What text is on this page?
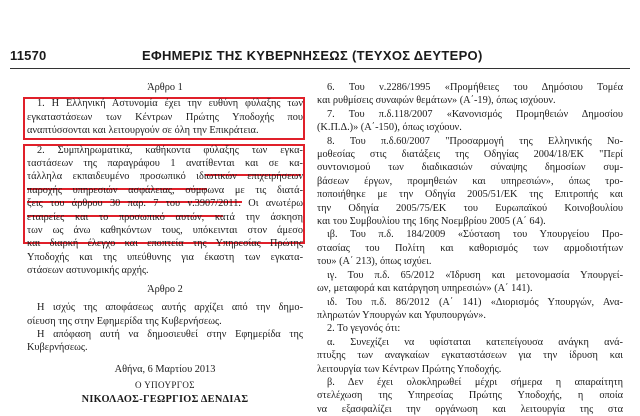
11570	ΕΦΗΜΕΡΙΣ ΤΗΣ ΚΥΒΕΡΝΗΣΕΩΣ (ΤΕΥΧΟΣ ΔΕΥΤΕΡΟ)
Άρθρο 1
1. Η Ελληνική Αστυνομία έχει την ευθύνη φύλαξης των
εγκαταστάσεων των Κέντρων Πρώτης Υποδοχής που
αναπτύσσονται και λειτουργούν σε όλη την Επικράτεια.
2. Συμπληρωματικά, καθήκοντα φύλαξης των εγκα-
ταστάσεων της παραγράφου 1 ανατίθενται και σε κα-
τάλληλα εκπαιδευμένο προσωπικό ιδιωτικών επιχειρήσεων
παροχής υπηρεσιών ασφάλειας, σύμφωνα με τις διατά-
ξεις του άρθρου 30 παρ. 7 του ν.3907/2011. Οι ανωτέρω
εταιρείες και το προσωπικό αυτών, κατά την άσκηση
των ως άνω καθηκόντων τους, υπόκεινται στον άμεσο
και διαρκή έλεγχο και εποπτεία της Υπηρεσίας Πρώτης
Υποδοχής και της υπεύθυνης για έκαστη των εγκατα-
στάσεων αστυνομικής αρχής.
Άρθρο 2
Η ισχύς της αποφάσεως αυτής αρχίζει από την δημο-
σίευση της στην Εφημερίδα της Κυβερνήσεως.
Η απόφαση αυτή να δημοσιευθεί στην Εφημερίδα της
Κυβερνήσεως.
Αθήνα, 6 Μαρτίου 2013
Ο ΥΠΟΥΡΓΟΣ
ΝΙΚΟΛΑΟΣ-ΓΕΩΡΓΙΟΣ ΔΕΝΔΙΑΣ
6. Του ν.2286/1995 «Προμήθειες του Δημόσιου Τομέα
και ρυθμίσεις συναφών θεμάτων» (Α΄-19), όπως ισχύουν.
7. Του π.δ.118/2007 «Κανονισμός Προμηθειών Δημοσίου
(Κ.Π.Δ.)» (Α΄-150), όπως ισχύουν.
8. Του π.δ.60/2007 "Προσαρμογή της Ελληνικής Νο-
μοθεσίας στις διατάξεις της Οδηγίας 2004/18/ΕΚ "Περί
συντονισμού των διαδικασιών σύναψης δημοσίων συμ-
βάσεων έργων, προμηθειών και υπηρεσιών», όπως τρο-
ποποιήθηκε με την Οδηγία 2005/51/ΕΚ της Επιτροπής και
την Οδηγία 2005/75/ΕΚ του Ευρωπαϊκού Κοινοβουλίου
και του Συμβουλίου της 16ης Νοεμβρίου 2005 (Α΄ 64).
ιβ. Του π.δ. 184/2009 «Σύσταση του Υπουργείου Προ-
στασίας του Πολίτη και καθορισμός των αρμοδιοτήτων
του» (Α΄ 213), όπως ισχύει.
ιγ. Του π.δ. 65/2012 «Ίδρυση και μετονομασία Υπουργεί-
ων, μεταφορά και κατάργηση υπηρεσιών» (Α΄ 141).
ιδ. Του π.δ. 86/2012 (Α΄ 141) «Διορισμός Υπουργών, Ανα-
πληρωτών Υπουργών και Υφυπουργών».
2. Το γεγονός ότι:
α. Συνεχίζει να υφίσταται κατεπείγουσα ανάγκη ανά-
πτυξης των αναγκαίων εγκαταστάσεων για την ίδρυση και
λειτουργία των Κέντρων Πρώτης Υποδοχής.
β. Δεν έχει ολοκληρωθεί μέχρι σήμερα η απαραίτητη
στελέχωση της Υπηρεσίας Πρώτης Υποδοχής, η οποία
να εξασφαλίζει την οργάνωση και λειτουργία της στα
